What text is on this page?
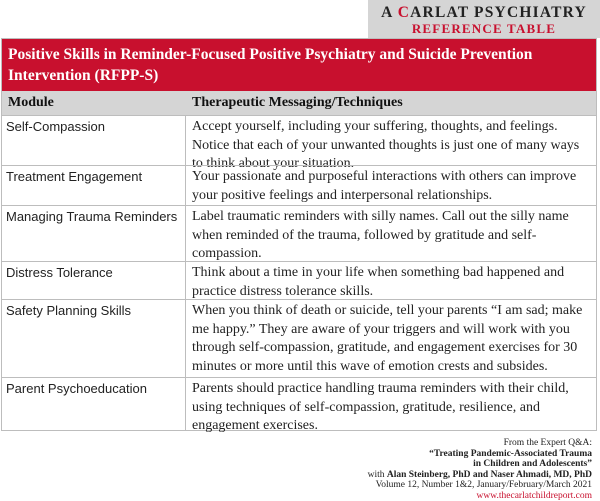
A CARLAT PSYCHIATRY
REFERENCE TABLE
Positive Skills in Reminder-Focused Positive Psychiatry and Suicide Prevention Intervention (RFPP-S)
Module	Therapeutic Messaging/Techniques
Self-Compassion	Accept yourself, including your suffering, thoughts, and feelings. Notice that each of your unwanted thoughts is just one of many ways to think about your situation.
Treatment Engagement	Your passionate and purposeful interactions with others can improve your positive feelings and interpersonal relationships.
Managing Trauma Reminders	Label traumatic reminders with silly names. Call out the silly name when reminded of the trauma, followed by gratitude and self-compassion.
Distress Tolerance	Think about a time in your life when something bad happened and practice distress tolerance skills.
Safety Planning Skills	When you think of death or suicide, tell your parents “I am sad; make me happy.” They are aware of your triggers and will work with you through self-compassion, gratitude, and engagement exercises for 30 minutes or more until this wave of emotion crests and subsides.
Parent Psychoeducation	Parents should practice handling trauma reminders with their child, using techniques of self-compassion, gratitude, resilience, and engagement exercises.
From the Expert Q&A:
“Treating Pandemic-Associated Trauma
in Children and Adolescents”
with Alan Steinberg, PhD and Naser Ahmadi, MD, PhD
Volume 12, Number 1&2, January/February/March 2021
www.thecarlatchildreport.com
